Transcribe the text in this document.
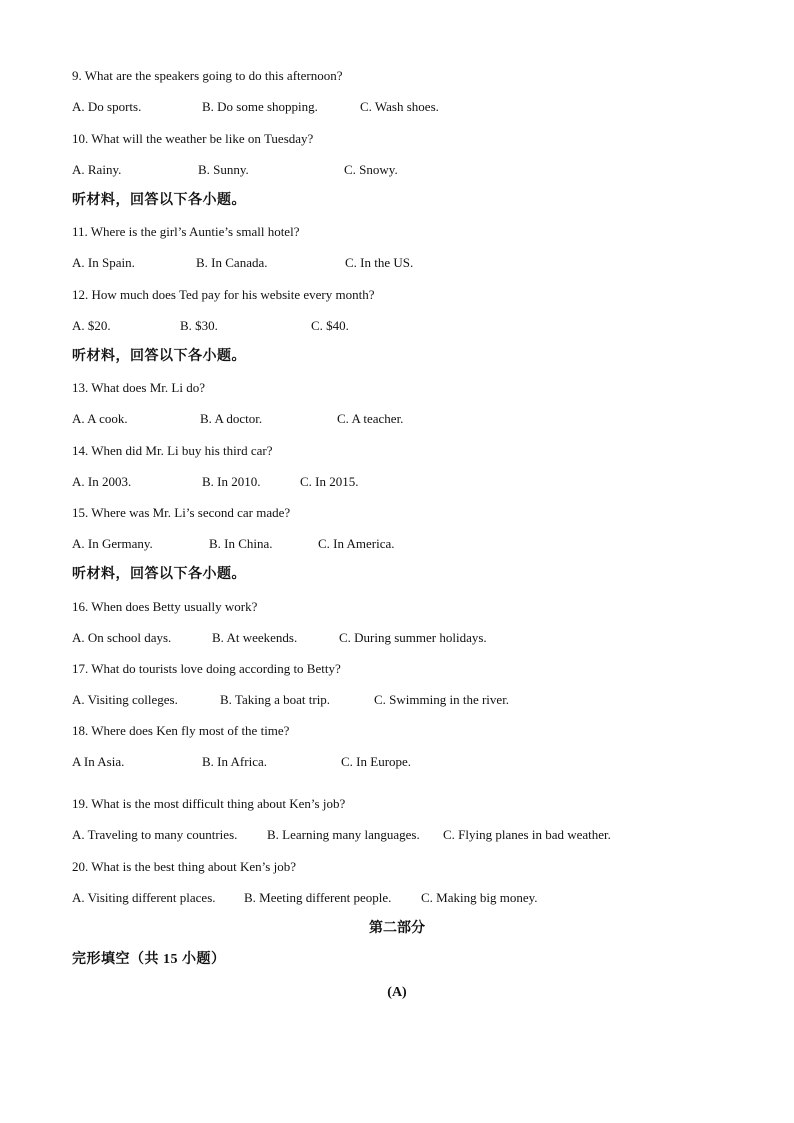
9. What are the speakers going to do this afternoon?
A. Do sports.	B. Do some shopping.	C. Wash shoes.
10. What will the weather be like on Tuesday?
A. Rainy.	B. Sunny.	C. Snowy.
听材料，回答以下各小题。
11. Where is the girl’s Auntie’s small hotel?
A. In Spain.	B. In Canada.	C. In the US.
12. How much does Ted pay for his website every month?
A. $20.	B. $30.	C. $40.
听材料，回答以下各小题。
13. What does Mr. Li do?
A. A cook.	B. A doctor.	C. A teacher.
14. When did Mr. Li buy his third car?
A. In 2003.	B. In 2010.	C. In 2015.
15. Where was Mr. Li’s second car made?
A. In Germany.	B. In China.	C. In America.
听材料，回答以下各小题。
16. When does Betty usually work?
A. On school days.	B. At weekends.	C. During summer holidays.
17. What do tourists love doing according to Betty?
A. Visiting colleges.	B. Taking a boat trip.	C. Swimming in the river.
18. Where does Ken fly most of the time?
A In Asia.	B. In Africa.	C. In Europe.
19. What is the most difficult thing about Ken’s job?
A. Traveling to many countries. B. Learning many languages. C. Flying planes in bad weather.
20. What is the best thing about Ken’s job?
A. Visiting different places. B. Meeting different people. C. Making big money.
第二部分
完形填空（共 15 小题）
(A)
